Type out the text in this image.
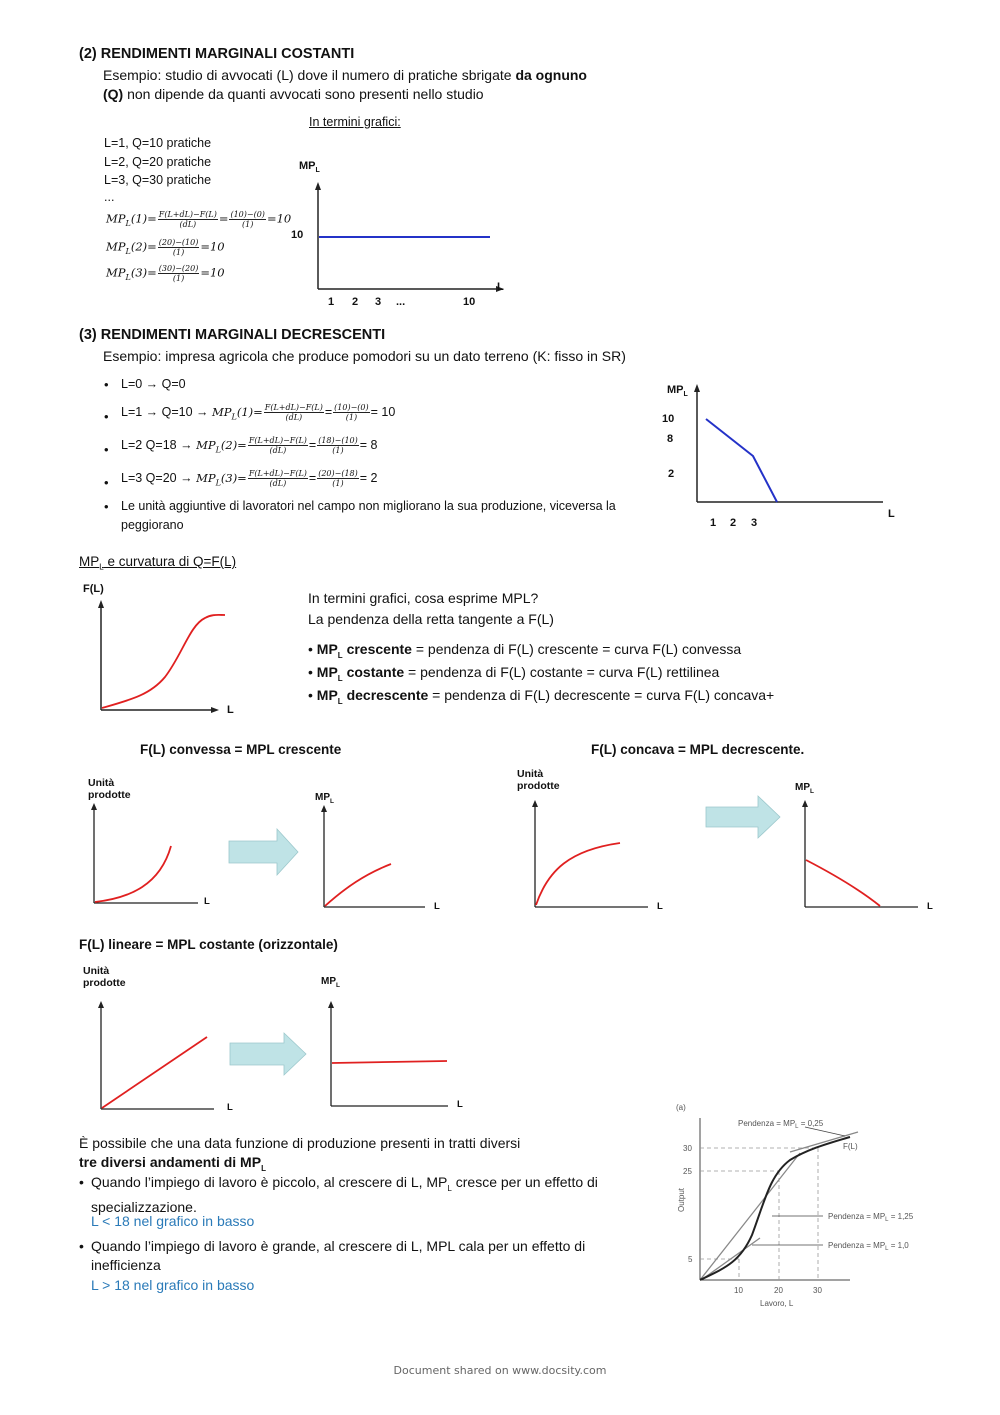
(2) RENDIMENTI MARGINALI COSTANTI
Esempio: studio di avvocati (L) dove il numero di pratiche sbrigate da ognuno
(Q) non dipende da quanti avvocati sono presenti nello studio
In termini grafici:
L=1, Q=10 pratiche
L=2, Q=20 pratiche
L=3, Q=30 pratiche
...
$MP_L(1)= \frac{F(L+dL)-F(L)}{(dL)} = \frac{(10)-(0)}{(1)} =10$
$MP_L(2)= \frac{(20)-(10)}{(1)} =10$
$MP_L(3)= \frac{(30)-(20)}{(1)} =10$
$MP_L$
10
L
1 2 3 ...	10
(3) RENDIMENTI MARGINALI DECRESCENTI
Esempio: impresa agricola che produce pomodori su un dato terreno (K: fisso in SR)
• L=0 → Q=0
• $L=1 \to Q=10 \to MP_L(1)= \frac{F(L+dL)-F(L)}{(dL)} = \frac{(10)-(0)}{(1)} = 10$
• L=2 $Q=18 \to MP_L(2)= \frac{F(L+dL)-F(L)}{(dL)} = \frac{(18)-(10)}{(1)} = 8$
• L=3 $Q=20 \to MP_L(3)= \frac{F(L+dL)-F(L)}{(dL)} = \frac{(20)-(18)}{(1)} = 2$
• Le unità aggiuntive di lavoratori nel campo non migliorano la sua produzione, viceversa la peggiorano
$MP_L$
10
8
2
L
1 2 3
$MP_L$ e curvatura di Q=F(L)
F(L)
L
In termini grafici, cosa esprime MPL?
La pendenza della retta tangente a F(L)
• $MP_L$ crescente = pendenza di F(L) crescente = curva F(L) convessa
• $MP_L$ costante = pendenza di F(L) costante = curva F(L) rettilinea
• $MP_L$ decrescente = pendenza di F(L) decrescente = curva F(L) concava+
F(L) convessa = MPL crescente	F(L) concava = MPL decrescente.
Unità prodotte	$MP_L$
Unità prodotte	$MP_L$
L	L	L	L
F(L) lineare = MPL costante (orizzontale)
Unità prodotte	$MP_L$
L	L
È possibile che una data funzione di produzione presenti in tratti diversi
tre diversi andamenti di $MP_L$
• Quando l’impiego di lavoro è piccolo, al crescere di L, $MP_L$ cresce per un effetto di specializzazione.
L < 18 nel grafico in basso
• Quando l’impiego di lavoro è grande, al crescere di L, MPL cala per un effetto di inefficienza
L > 18 nel grafico in basso
(a)
30
25
5
10	20	30
Lavoro, L
Output
F(L)
Pendenza = $MP_L = 0,25$
Pendenza = $MP_L = 1,25$
Pendenza = $MP_L = 1,0$
Document shared on www.docsity.com
